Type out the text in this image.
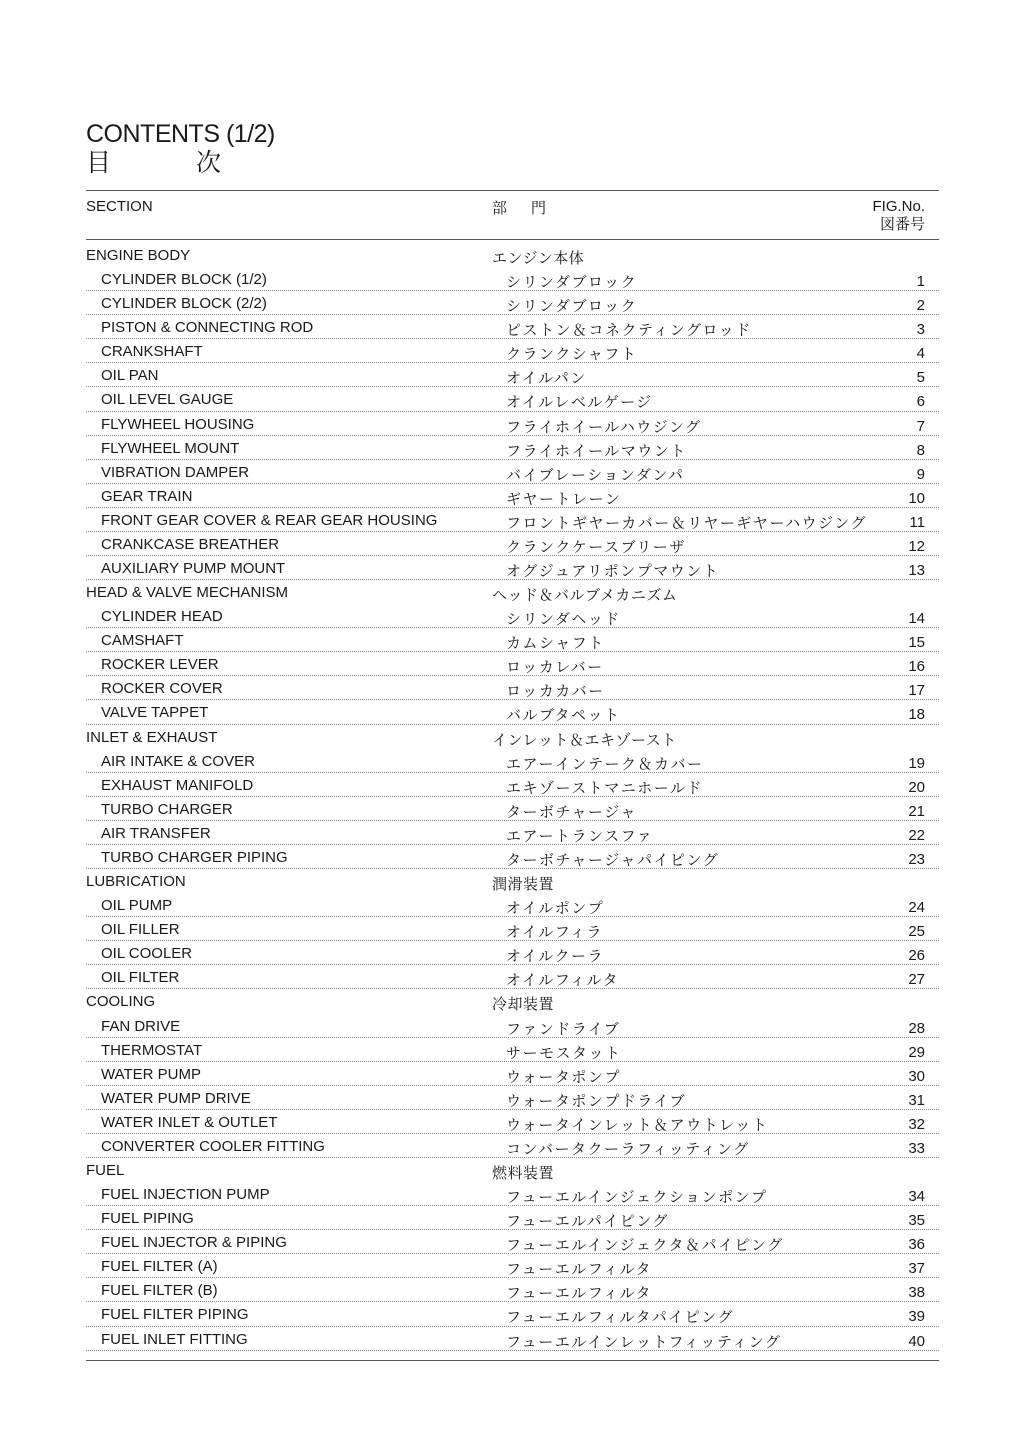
CONTENTS (1/2)
目次
SECTION	部門	FIG.No.
図番号
ENGINE BODY	エンジン本体
CYLINDER BLOCK (1/2)	シリンダブロック	1
CYLINDER BLOCK (2/2)	シリンダブロック	2
PISTON & CONNECTING ROD	ピストン＆コネクティングロッド	3
CRANKSHAFT	クランクシャフト	4
OIL PAN	オイルパン	5
OIL LEVEL GAUGE	オイルレベルゲージ	6
FLYWHEEL HOUSING	フライホイールハウジング	7
FLYWHEEL MOUNT	フライホイールマウント	8
VIBRATION DAMPER	バイブレーションダンパ	9
GEAR TRAIN	ギヤートレーン	10
FRONT GEAR COVER & REAR GEAR HOUSING	フロントギヤーカバー＆リヤーギヤーハウジング	11
CRANKCASE BREATHER	クランクケースブリーザ	12
AUXILIARY PUMP MOUNT	オグジュアリポンプマウント	13
HEAD & VALVE MECHANISM	ヘッド＆バルブメカニズム
CYLINDER HEAD	シリンダヘッド	14
CAMSHAFT	カムシャフト	15
ROCKER LEVER	ロッカレバー	16
ROCKER COVER	ロッカカバー	17
VALVE TAPPET	バルブタペット	18
INLET & EXHAUST	インレット＆エキゾースト
AIR INTAKE & COVER	エアーインテーク＆カバー	19
EXHAUST MANIFOLD	エキゾーストマニホールド	20
TURBO CHARGER	ターボチャージャ	21
AIR TRANSFER	エアートランスファ	22
TURBO CHARGER PIPING	ターボチャージャパイピング	23
LUBRICATION	潤滑装置
OIL PUMP	オイルポンプ	24
OIL FILLER	オイルフィラ	25
OIL COOLER	オイルクーラ	26
OIL FILTER	オイルフィルタ	27
COOLING	冷却装置
FAN DRIVE	ファンドライブ	28
THERMOSTAT	サーモスタット	29
WATER PUMP	ウォータポンプ	30
WATER PUMP DRIVE	ウォータポンプドライブ	31
WATER INLET & OUTLET	ウォータインレット＆アウトレット	32
CONVERTER COOLER FITTING	コンバータクーラフィッティング	33
FUEL	燃料装置
FUEL INJECTION PUMP	フューエルインジェクションポンプ	34
FUEL PIPING	フューエルパイピング	35
FUEL INJECTOR & PIPING	フューエルインジェクタ＆パイピング	36
FUEL FILTER (A)	フューエルフィルタ	37
FUEL FILTER (B)	フューエルフィルタ	38
FUEL FILTER PIPING	フューエルフィルタパイピング	39
FUEL INLET FITTING	フューエルインレットフィッティング	40
